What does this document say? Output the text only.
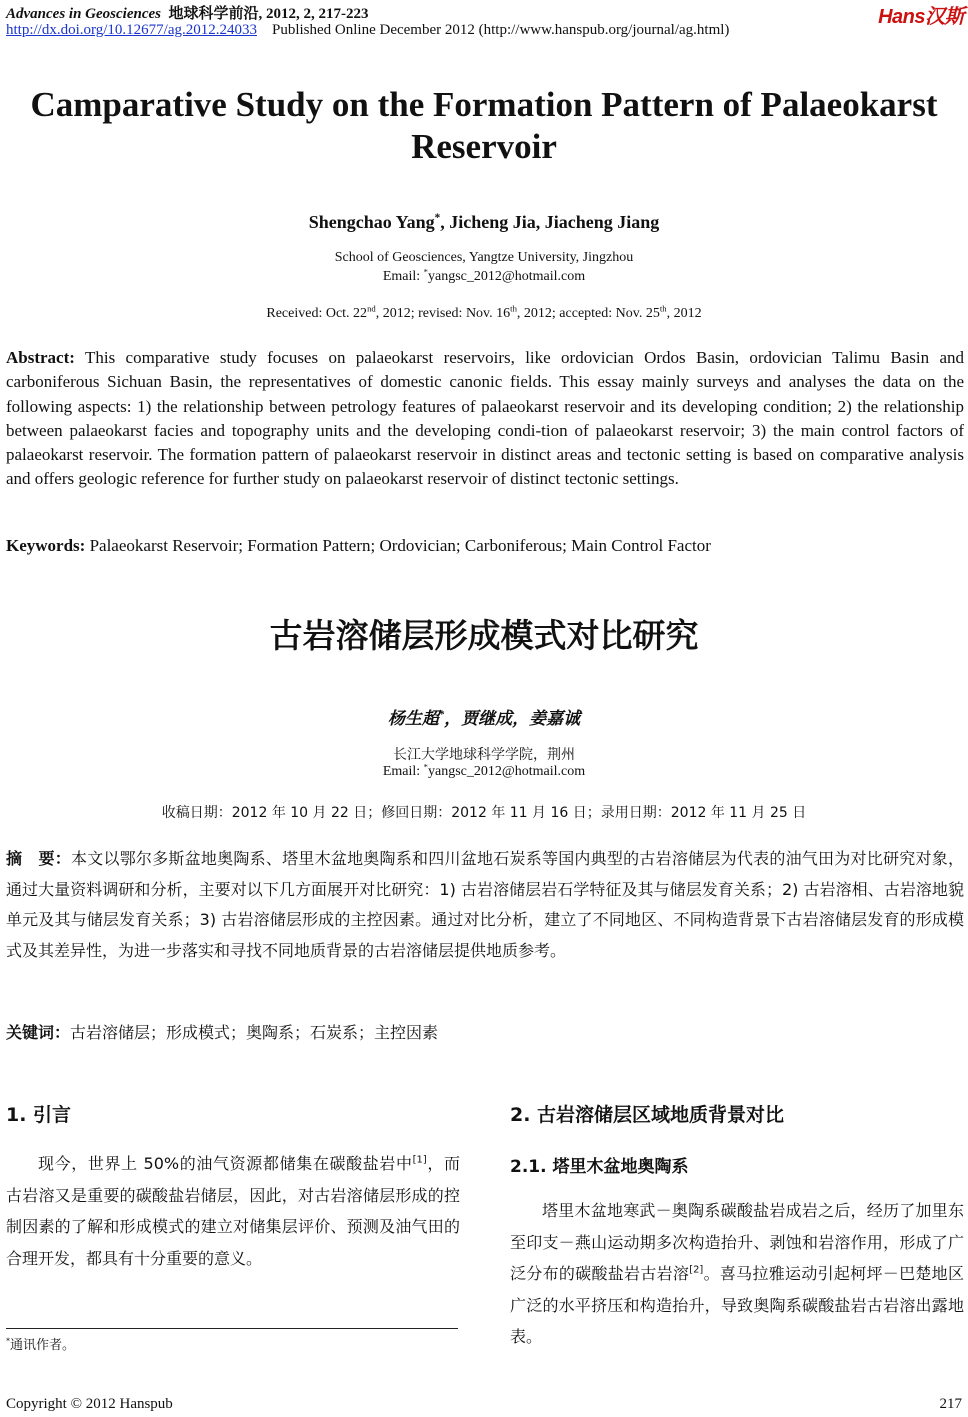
Advances in Geosciences 地球科学前沿, 2012, 2, 217-223
http://dx.doi.org/10.12677/ag.2012.24033 Published Online December 2012 (http://www.hanspub.org/journal/ag.html)
Hans汉斯
Camparative Study on the Formation Pattern of Palaeokarst
Reservoir
Shengchao Yang*, Jicheng Jia, Jiacheng Jiang
School of Geosciences, Yangtze University, Jingzhou
Email: *yangsc_2012@hotmail.com
Received: Oct. 22nd, 2012; revised: Nov. 16th, 2012; accepted: Nov. 25th, 2012
Abstract: This comparative study focuses on palaeokarst reservoirs, like ordovician Ordos Basin, ordovician Talimu Basin and carboniferous Sichuan Basin, the representatives of domestic canonic fields. This essay mainly surveys and analyses the data on the following aspects: 1) the relationship between petrology features of palaeokarst reservoir and its developing condition; 2) the relationship between palaeokarst facies and topography units and the developing condi-tion of palaeokarst reservoir; 3) the main control factors of palaeokarst reservoir. The formation pattern of palaeokarst reservoir in distinct areas and tectonic setting is based on comparative analysis and offers geologic reference for further study on palaeokarst reservoir of distinct tectonic settings.
Keywords: Palaeokarst Reservoir; Formation Pattern; Ordovician; Carboniferous; Main Control Factor
古岩溶储层形成模式对比研究
杨生超*，贾继成，姜嘉诚
长江大学地球科学学院，荆州
Email: *yangsc_2012@hotmail.com
收稿日期：2012 年 10 月 22 日；修回日期：2012 年 11 月 16 日；录用日期：2012 年 11 月 25 日
摘　要：本文以鄂尔多斯盆地奥陶系、塔里木盆地奥陶系和四川盆地石炭系等国内典型的古岩溶储层为代表的油气田为对比研究对象，通过大量资料调研和分析，主要对以下几方面展开对比研究：1) 古岩溶储层岩石学特征及其与储层发育关系；2) 古岩溶相、古岩溶地貌单元及其与储层发育关系；3) 古岩溶储层形成的主控因素。通过对比分析，建立了不同地区、不同构造背景下古岩溶储层发育的形成模式及其差异性，为进一步落实和寻找不同地质背景的古岩溶储层提供地质参考。
关键词：古岩溶储层；形成模式；奥陶系；石炭系；主控因素
1. 引言
现今，世界上 50%的油气资源都储集在碳酸盐岩中[1]，而古岩溶又是重要的碳酸盐岩储层，因此，对古岩溶储层形成的控制因素的了解和形成模式的建立对储集层评价、预测及油气田的合理开发，都具有十分重要的意义。
2. 古岩溶储层区域地质背景对比
2.1. 塔里木盆地奥陶系
塔里木盆地寒武－奥陶系碳酸盐岩成岩之后，经历了加里东至印支－燕山运动期多次构造抬升、剥蚀和岩溶作用，形成了广泛分布的碳酸盐岩古岩溶[2]。喜马拉雅运动引起柯坪－巴楚地区广泛的水平挤压和构造抬升，导致奥陶系碳酸盐岩古岩溶出露地表。
*通讯作者。
Copyright © 2012 Hanspub	217
